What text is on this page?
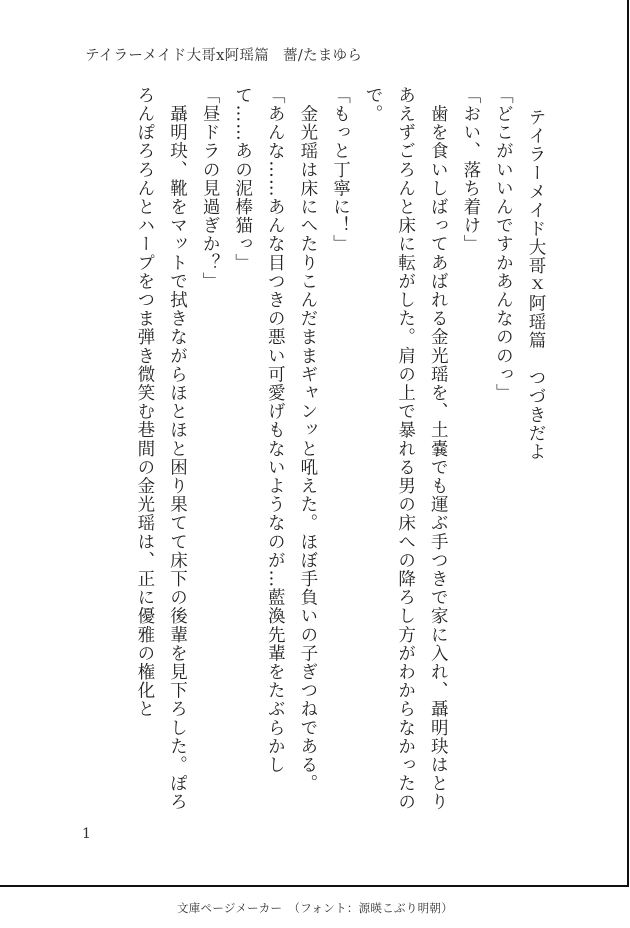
テイラーメイド大哥x阿瑶篇 薔/たまゆら

テイラーメイド大哥ｘ阿瑶篇　つづきだよ

「どこがいいんですかあんなののっ」

「おい、落ち着け」

　歯を食いしばってあばれる金光瑶を、土嚢でも運ぶ手つきで家に入れ、聶明玦はとりあえずごろんと床に転がした。肩の上で暴れる男の床への降ろし方がわからなかったので。

「もっと丁寧に！」

　金光瑶は床にへたりこんだままギャンッと吼えた。ほぼ手負いの子ぎつねである。

「あんな……あんな目つきの悪い可愛げもないようなのが…藍渙先輩をたぶらかして……あの泥棒猫っ」

「昼ドラの見過ぎか？」

　聶明玦、靴をマットで拭きながらほとほと困り果てて床下の後輩を見下ろした。ぽろろんぽろろんとハープをつま弾き微笑む巷間の金光瑶は、正に優雅の権化と

1
文庫ページメーカー　（フォント：源暎こぶり明朝）
